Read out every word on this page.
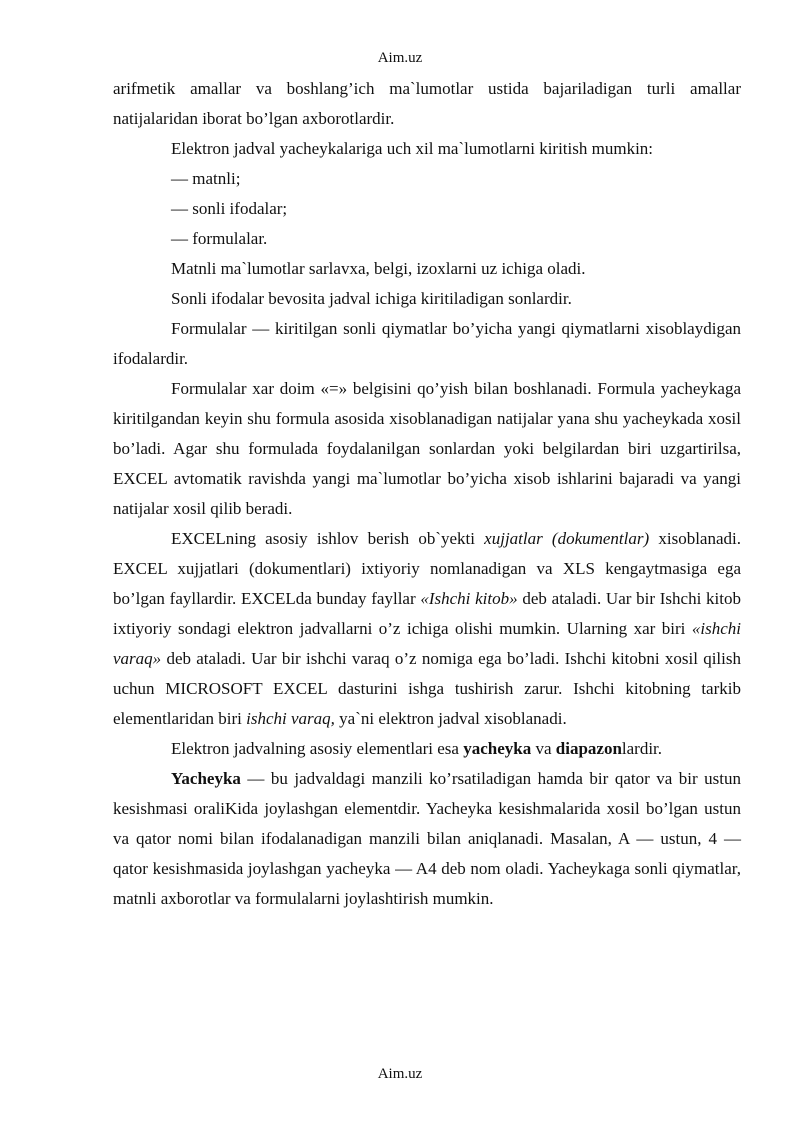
Aim.uz

arifmetik amallar va boshlang’ich ma`lumotlar ustida bajariladigan turli amallar natijalaridan iborat bo’lgan axborotlardir.

Elektron jadval yacheykalariga uch xil ma`lumotlarni kiritish mumkin:

— matnli;

— sonli ifodalar;

— formulalar.

Matnli ma`lumotlar sarlavxa, belgi, izoxlarni uz ichiga oladi.

Sonli ifodalar bevosita jadval ichiga kiritiladigan sonlardir.

Formulalar — kiritilgan sonli qiymatlar bo’yicha yangi qiymatlarni xisoblaydigan ifodalardir.

Formulalar xar doim «=» belgisini qo’yish bilan boshlanadi. Formula yacheykaga kiritilgandan keyin shu formula asosida xisoblanadigan natijalar yana shu yacheykada xosil bo’ladi. Agar shu formulada foydalanilgan sonlardan yoki belgilardan biri uzgartirilsa, EXCEL avtomatik ravishda yangi ma`lumotlar bo’yicha xisob ishlarini bajaradi va yangi natijalar xosil qilib beradi.

EXCELning asosiy ishlov berish ob`yekti xujjatlar (dokumentlar) xisoblanadi. EXCEL xujjatlari (dokumentlari) ixtiyoriy nomlanadigan va XLS kengaytmasiga ega bo’lgan fayllardir. EXCELda bunday fayllar «Ishchi kitob» deb ataladi. Uar bir Ishchi kitob ixtiyoriy sondagi elektron jadvallarni o’z ichiga olishi mumkin. Ularning xar biri «ishchi varaq» deb ataladi. Uar bir ishchi varaq o’z nomiga ega bo’ladi. Ishchi kitobni xosil qilish uchun MICROSOFT EXCEL dasturini ishga tushirish zarur. Ishchi kitobning tarkib elementlaridan biri ishchi varaq, ya`ni elektron jadval xisoblanadi.

Elektron jadvalning asosiy elementlari esa yacheyka va diapazonlardir.

Yacheyka — bu jadvaldagi manzili ko’rsatiladigan hamda bir qator va bir ustun kesishmasi oraliKida joylashgan elementdir. Yacheyka kesishmalarida xosil bo’lgan ustun va qator nomi bilan ifodalanadigan manzili bilan aniqlanadi. Masalan, A — ustun, 4 — qator kesishmasida joylashgan yacheyka — A4 deb nom oladi. Yacheykaga sonli qiymatlar, matnli axborotlar va formulalarni joylashtirish mumkin.

Aim.uz
